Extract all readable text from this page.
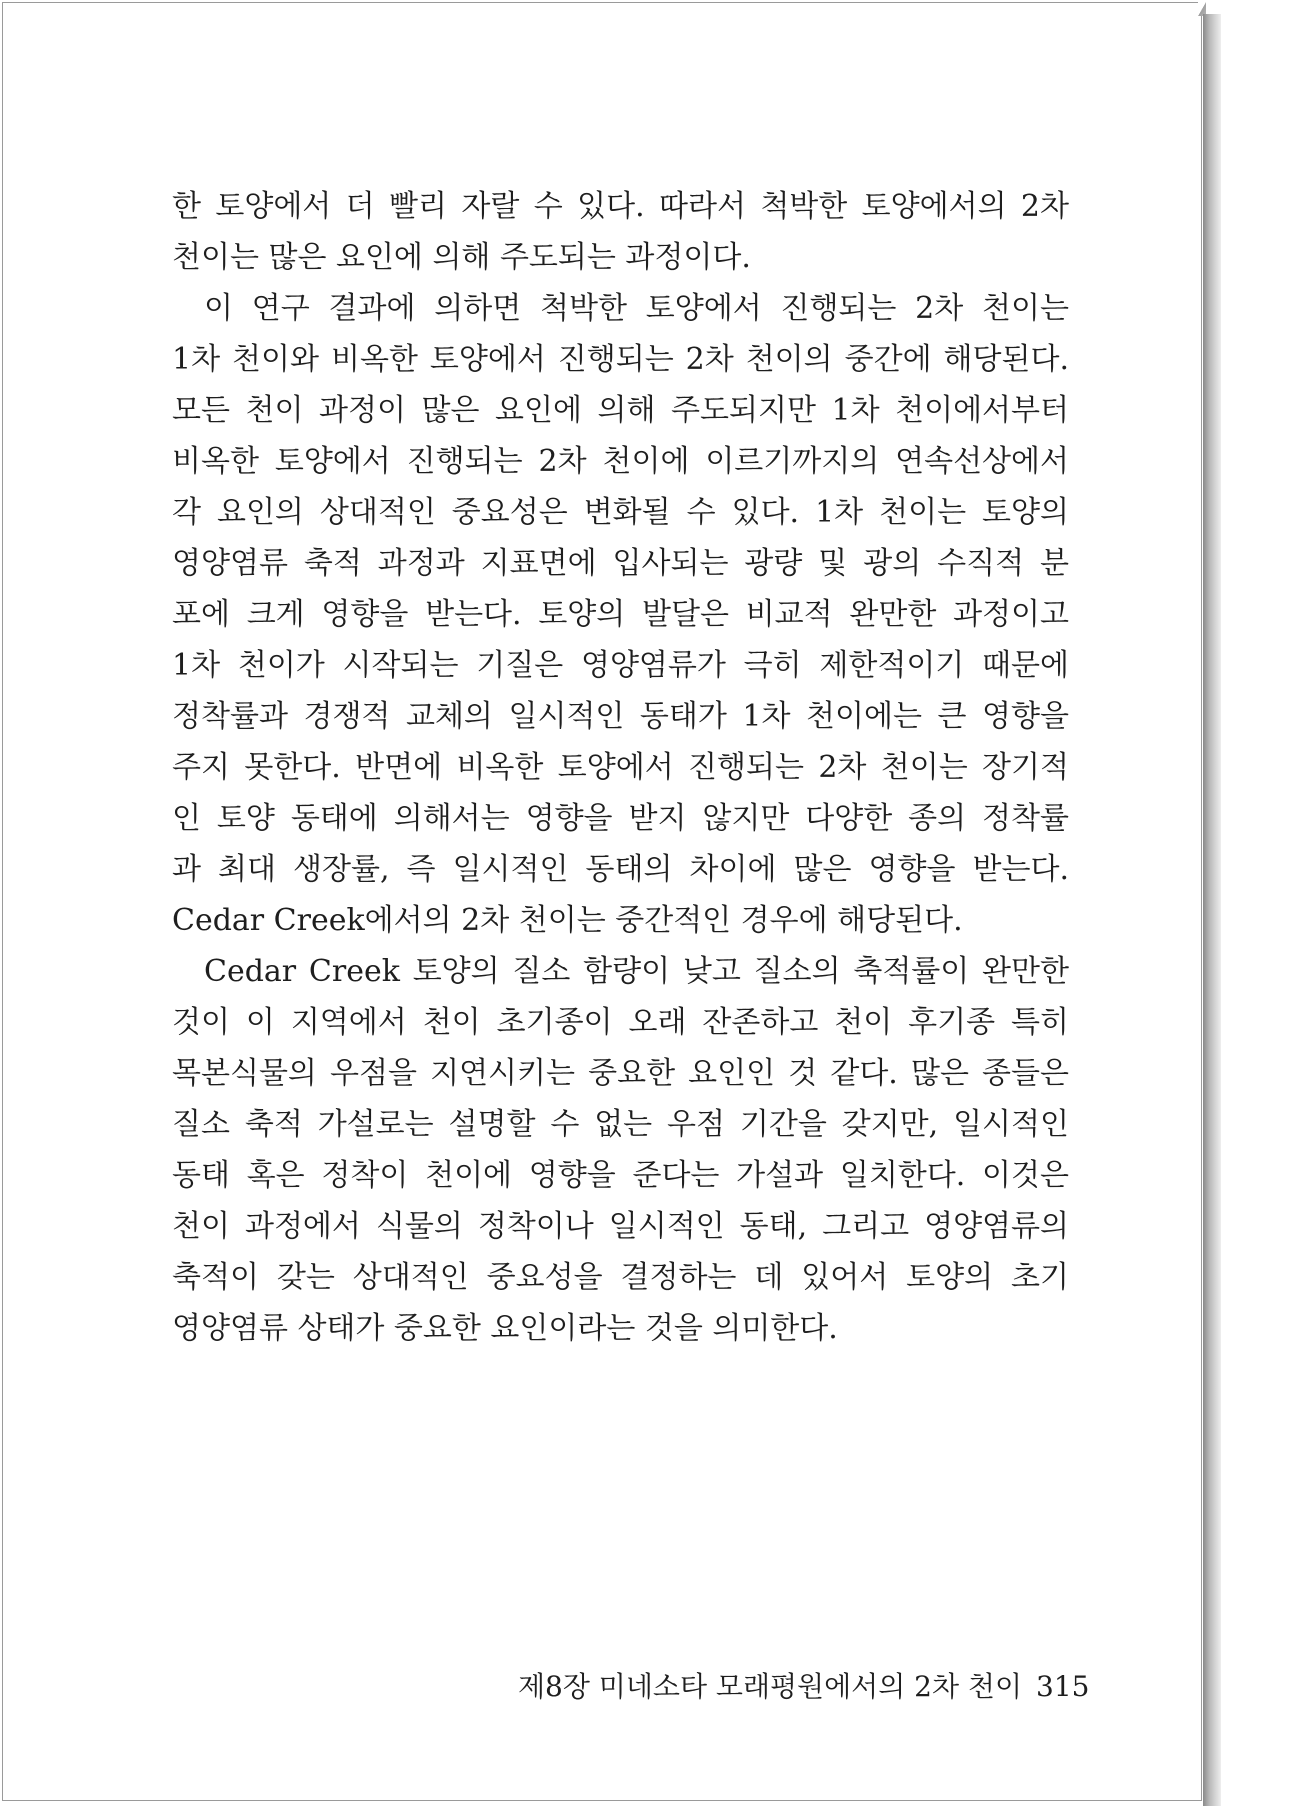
한 토양에서 더 빨리 자랄 수 있다. 따라서 척박한 토양에서의 2차
천이는 많은 요인에 의해 주도되는 과정이다.
이 연구 결과에 의하면 척박한 토양에서 진행되는 2차 천이는
1차 천이와 비옥한 토양에서 진행되는 2차 천이의 중간에 해당된다.
모든 천이 과정이 많은 요인에 의해 주도되지만 1차 천이에서부터
비옥한 토양에서 진행되는 2차 천이에 이르기까지의 연속선상에서
각 요인의 상대적인 중요성은 변화될 수 있다. 1차 천이는 토양의
영양염류 축적 과정과 지표면에 입사되는 광량 및 광의 수직적 분
포에 크게 영향을 받는다. 토양의 발달은 비교적 완만한 과정이고
1차 천이가 시작되는 기질은 영양염류가 극히 제한적이기 때문에
정착률과 경쟁적 교체의 일시적인 동태가 1차 천이에는 큰 영향을
주지 못한다. 반면에 비옥한 토양에서 진행되는 2차 천이는 장기적
인 토양 동태에 의해서는 영향을 받지 않지만 다양한 종의 정착률
과 최대 생장률, 즉 일시적인 동태의 차이에 많은 영향을 받는다.
Cedar Creek에서의 2차 천이는 중간적인 경우에 해당된다.
Cedar Creek 토양의 질소 함량이 낮고 질소의 축적률이 완만한
것이 이 지역에서 천이 초기종이 오래 잔존하고 천이 후기종 특히
목본식물의 우점을 지연시키는 중요한 요인인 것 같다. 많은 종들은
질소 축적 가설로는 설명할 수 없는 우점 기간을 갖지만, 일시적인
동태 혹은 정착이 천이에 영향을 준다는 가설과 일치한다. 이것은
천이 과정에서 식물의 정착이나 일시적인 동태, 그리고 영양염류의
축적이 갖는 상대적인 중요성을 결정하는 데 있어서 토양의 초기
영양염류 상태가 중요한 요인이라는 것을 의미한다.
제8장 미네소타 모래평원에서의 2차 천이 315
